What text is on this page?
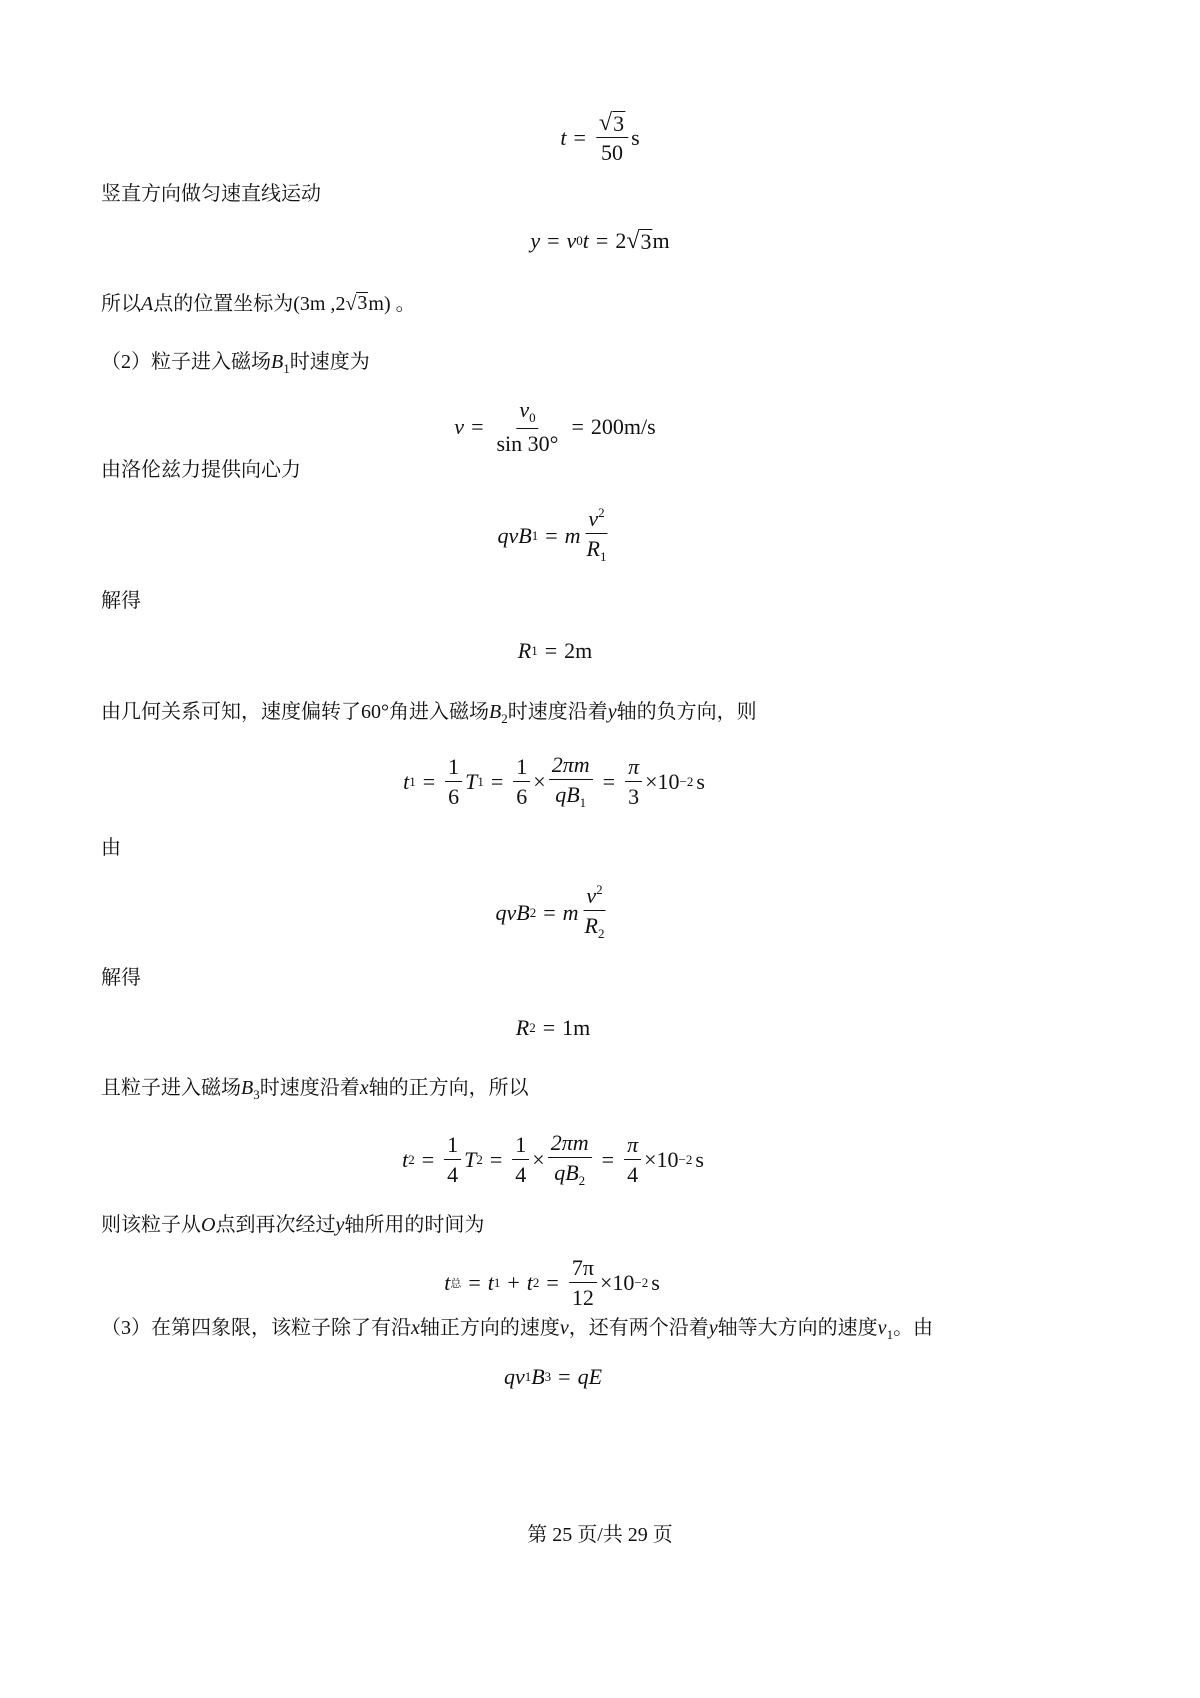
$t = \frac{√ 3}{50}$ s
竖直方向做匀速直线运动
y = v 0 t = 2 √ 3 m
所以A点的位置坐标为(3m ,2 √ 3 m) 。
（2）粒子进入磁场$B_1$时速度为
$v = \frac{v_0}{\sin 30^\circ} = 200m/s$
由洛伦兹力提供向心力
q v B 1 = m $\frac{v^2}{R_1}$
解得
R 1 = 2m
由几何关系可知，速度偏转了60°角进入磁场$B_2$时速度沿着y轴的负方向，则
t $1 = \frac{1}{6}$ T $1 = \frac{1}{6} \times \frac{2\pi m}{qB_1} = \frac{\pi}{3} \times 10 -2$ s
由
q v B 2 = m $\frac{v^2}{R_2}$
解得
R 2 = 1m
且粒子进入磁场$B_3$时速度沿着x轴的正方向，所以
t $2 = \frac{1}{4}$ T $2 = \frac{1}{4} \times \frac{2\pi m}{qB_2} = \frac{\pi}{4} \times 10 -2$ s
则该粒子从O点到再次经过y轴所用的时间为
t 总 = t 1 + t $2 = \frac{7\pi}{12} \times 10 -2$ s
（3）在第四象限，该粒子除了有沿x轴正方向的速度v，还有两个沿着y轴等大方向的速度$v_1$。由
q v 1 B 3 = qE
第 25 页/共 29 页
